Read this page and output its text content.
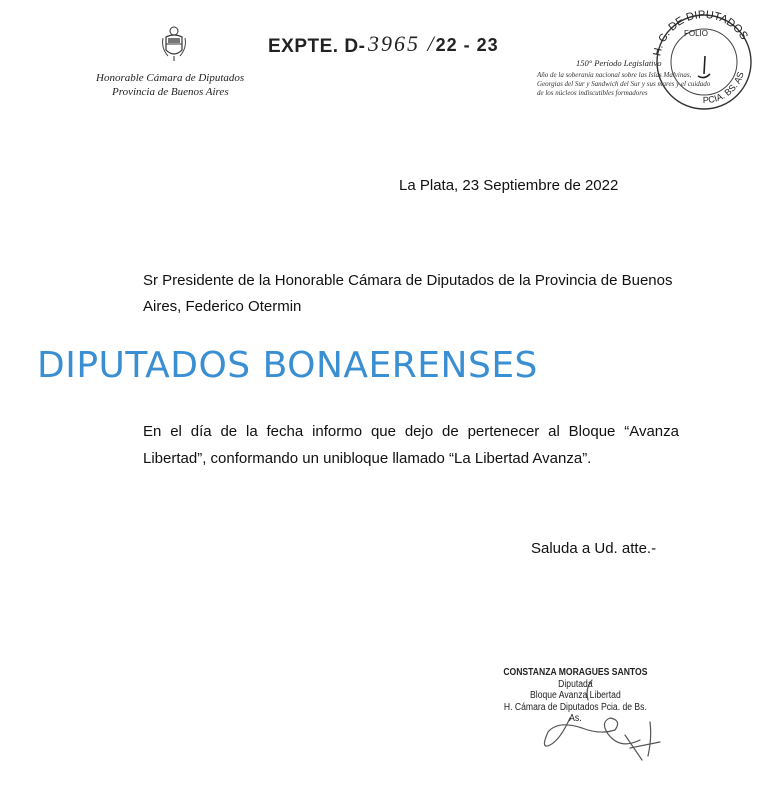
Honorable Cámara de Diputados
Provincia de Buenos Aires
EXPTE. D- 3965 /22 - 23
150° Período Legislativo
Año de la soberanía nacional sobre las Islas Malvinas, Georgias del Sur y Sandwich del Sur y sus mares y el cuidado de los núcleos indiscutibles formadores
H. C. DE DIPUTADOS
PCIA. BS. AS
FOLIO
La Plata, 23 Septiembre de 2022
Sr Presidente de la Honorable Cámara de Diputados de la Provincia de Buenos Aires, Federico Otermin
DIPUTADOS BONAERENSES
En el día de la fecha informo que dejo de pertenecer al Bloque “Avanza Libertad”, conformando un unibloque llamado “La Libertad Avanza”.
Saluda a Ud. atte.-
CONSTANZA MORAGUES SANTOS
Diputada
Bloque Avanza Libertad
H. Cámara de Diputados Pcia. de Bs. As.
